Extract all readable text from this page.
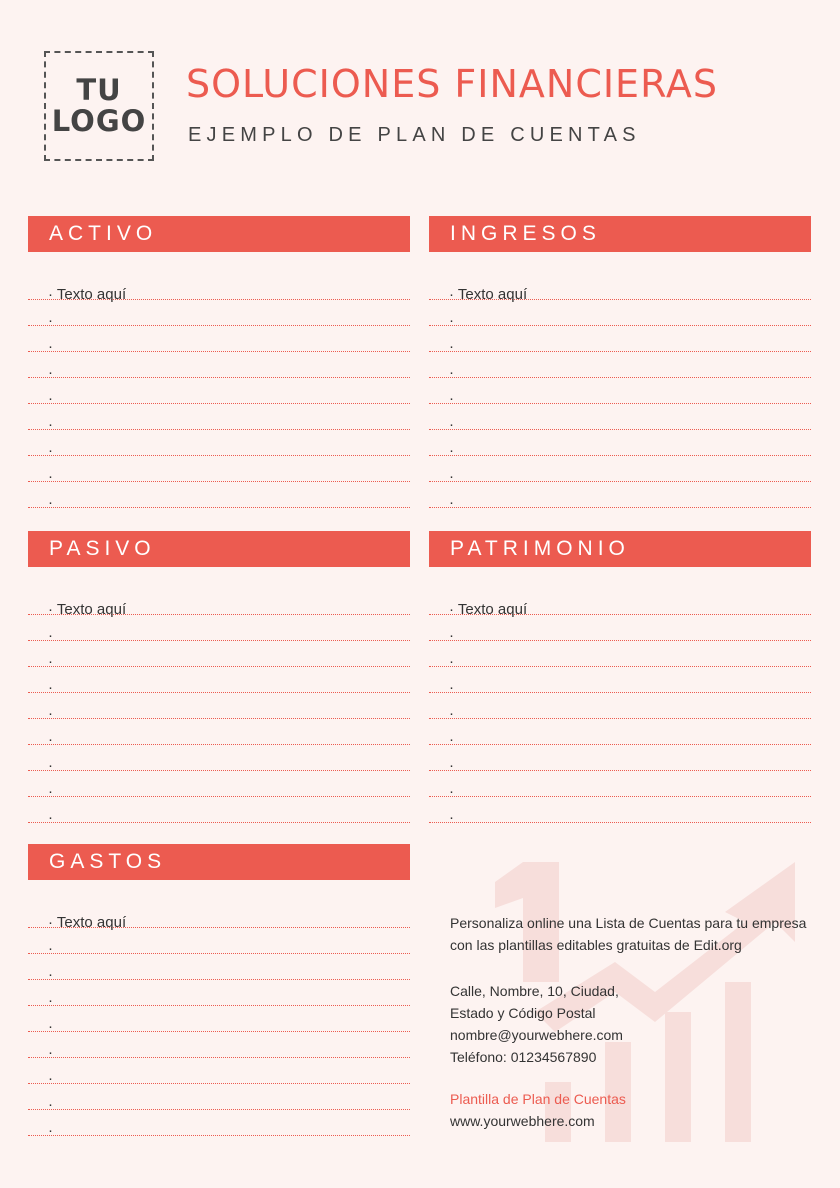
TU
LOGO
SOLUCIONES FINANCIERAS
EJEMPLO DE PLAN DE CUENTAS
ACTIVO
· Texto aquí
·
·
·
·
·
·
·
·
INGRESOS
· Texto aquí
·
·
·
·
·
·
·
·
PASIVO
· Texto aquí
·
·
·
·
·
·
·
·
PATRIMONIO
· Texto aquí
·
·
·
·
·
·
·
·
GASTOS
· Texto aquí
·
·
·
·
·
·
·
·
Personaliza online una Lista de Cuentas para tu empresa
con las plantillas editables gratuitas de Edit.org
Calle, Nombre, 10, Ciudad,
Estado y Código Postal
nombre@yourwebhere.com
Teléfono: 01234567890
Plantilla de Plan de Cuentas
www.yourwebhere.com
